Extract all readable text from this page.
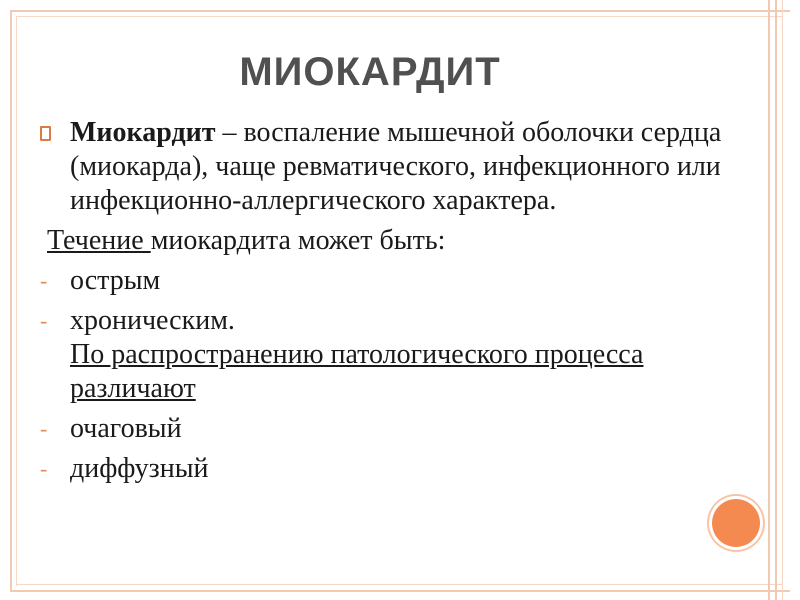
МИОКАРДИТ
Миокардит – воспаление мышечной оболочки сердца (миокарда), чаще ревматического, инфекционного или инфекционно-аллергического характера.
Течение миокардита может быть:
- острым
- хроническим.
По распространению патологического процесса различают
- очаговый
- диффузный
